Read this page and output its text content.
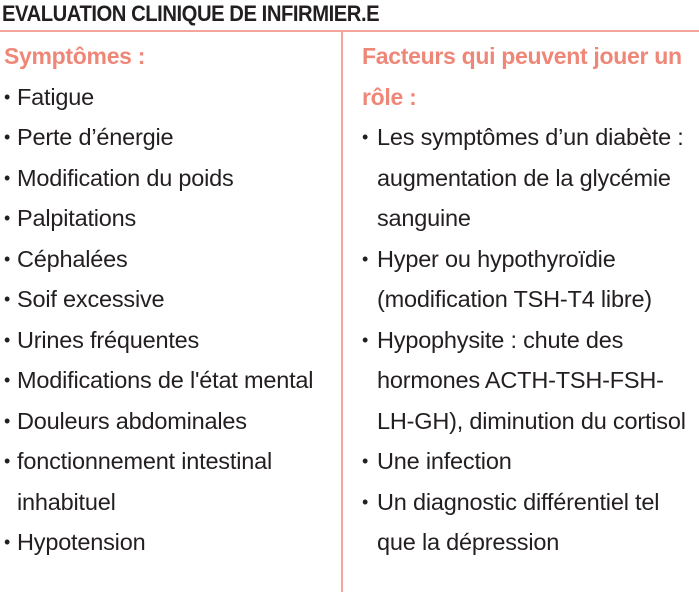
EVALUATION CLINIQUE DE INFIRMIER.E
Symptômes :
• Fatigue
• Perte d’énergie
• Modification du poids
• Palpitations
• Céphalées
• Soif excessive
• Urines fréquentes
• Modifications de l'état mental
• Douleurs abdominales
• fonctionnement intestinal inhabituel
• Hypotension
Facteurs qui peuvent jouer un rôle :
• Les symptômes d’un diabète : augmentation de la glycémie sanguine
• Hyper ou hypothyroïdie (modification TSH-T4 libre)
• Hypophysite : chute des hormones ACTH-TSH-FSH-LH-GH), diminution du cortisol
• Une infection
• Un diagnostic différentiel tel que la dépression
